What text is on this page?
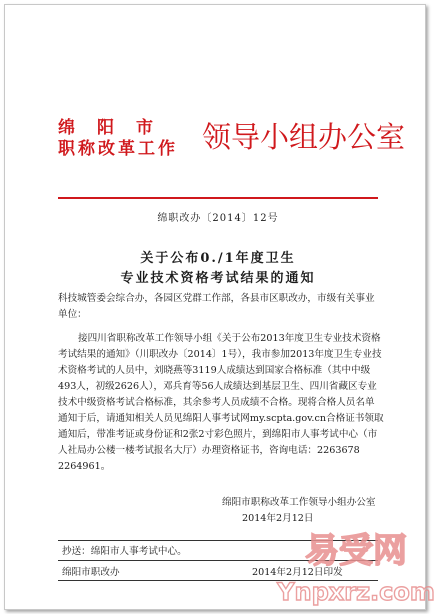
绵阳市
职称改革工作 领导小组办公室
绵职改办〔2014〕12号
关于公布0./1年度卫生
专业技术资格考试结果的通知
科技城管委会综合办，各园区党群工作部，各县市区职改办，市级有关事业单位：
接四川省职称改革工作领导小组《关于公布2013年度卫生专业技术资格考试结果的通知》（川职改办〔2014〕1号），我市参加2013年度卫生专业技术资格考试的人员中，刘晓燕等3119人成绩达到国家合格标准（其中中级493人，初级2626人），邓兵育等56人成绩达到基层卫生、四川省藏区专业技术中级资格考试合格标准，其余参考人员成绩不合格。现将合格人员名单通知于后，请通知相关人员见绵阳人事考试网my.scpta.gov.cn合格证书领取通知后，带准考证或身份证和2张2寸彩色照片，到绵阳市人事考试中心（市人社局办公楼一楼考试报名大厅）办理资格证书，咨询电话：2263678 2264961。
绵阳市职称改革工作领导小组办公室
2014年2月12日
抄送：绵阳市人事考试中心。
绵阳市职改办	2014年2月12日印发
易受网
Ynpxrz.com
